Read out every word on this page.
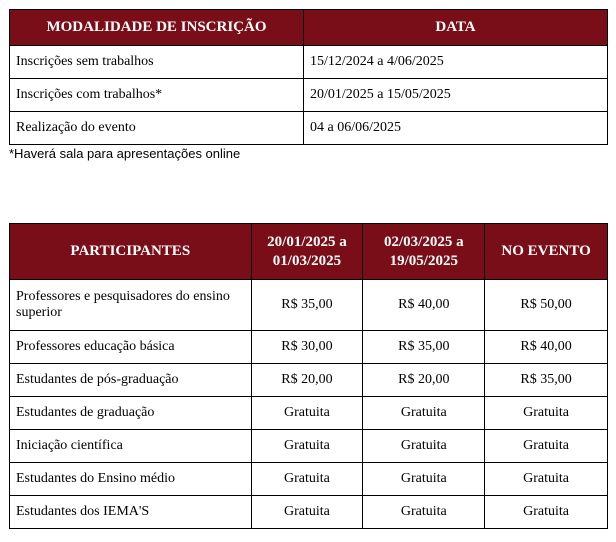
MODALIDADE DE INSCRIÇÃO	DATA
Inscrições sem trabalhos	15/12/2024 a 4/06/2025
Inscrições com trabalhos*	20/01/2025 a 15/05/2025
Realização do evento	04 a 06/06/2025
*Haverá sala para apresentações online
PARTICIPANTES	20/01/2025 a 01/03/2025	02/03/2025 a 19/05/2025	NO EVENTO
Professores e pesquisadores do ensino superior	R$ 35,00	R$ 40,00	R$ 50,00
Professores educação básica	R$ 30,00	R$ 35,00	R$ 40,00
Estudantes de pós-graduação	R$ 20,00	R$ 20,00	R$ 35,00
Estudantes de graduação	Gratuita	Gratuita	Gratuita
Iniciação científica	Gratuita	Gratuita	Gratuita
Estudantes do Ensino médio	Gratuita	Gratuita	Gratuita
Estudantes dos IEMA'S	Gratuita	Gratuita	Gratuita
